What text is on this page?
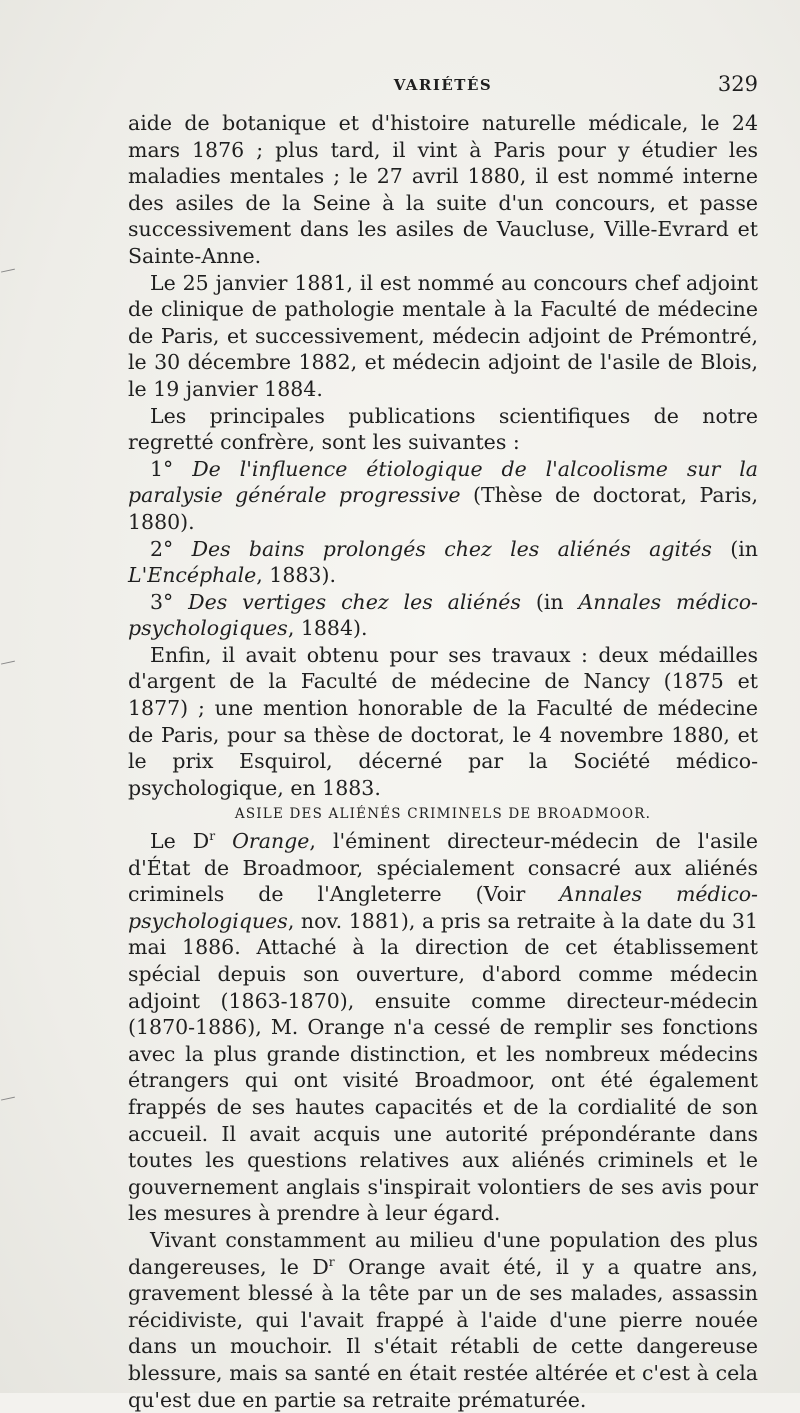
VARIÉTÉS	329

aide de botanique et d'histoire naturelle médicale, le 24 mars 1876 ; plus tard, il vint à Paris pour y étudier les maladies mentales ; le 27 avril 1880, il est nommé interne des asiles de la Seine à la suite d'un concours, et passe successivement dans les asiles de Vaucluse, Ville-Evrard et Sainte-Anne.

Le 25 janvier 1881, il est nommé au concours chef adjoint de clinique de pathologie mentale à la Faculté de médecine de Paris, et successivement, médecin adjoint de Prémontré, le 30 décembre 1882, et médecin adjoint de l'asile de Blois, le 19 janvier 1884.

Les principales publications scientifiques de notre regretté confrère, sont les suivantes :

1° De l'influence étiologique de l'alcoolisme sur la paralysie générale progressive (Thèse de doctorat, Paris, 1880).

2° Des bains prolongés chez les aliénés agités (in L'Encéphale, 1883).

3° Des vertiges chez les aliénés (in Annales médico-psychologiques, 1884).

Enfin, il avait obtenu pour ses travaux : deux médailles d'argent de la Faculté de médecine de Nancy (1875 et 1877) ; une mention honorable de la Faculté de médecine de Paris, pour sa thèse de doctorat, le 4 novembre 1880, et le prix Esquirol, décerné par la Société médico-psychologique, en 1883.

ASILE DES ALIÉNÉS CRIMINELS DE BROADMOOR.

Le $D^r$ Orange, l'éminent directeur-médecin de l'asile d'État de Broadmoor, spécialement consacré aux aliénés criminels de l'Angleterre (Voir Annales médico-psychologiques, nov. 1881), a pris sa retraite à la date du 31 mai 1886. Attaché à la direction de cet établissement spécial depuis son ouverture, d'abord comme médecin adjoint (1863-1870), ensuite comme directeur-médecin (1870-1886), M. Orange n'a cessé de remplir ses fonctions avec la plus grande distinction, et les nombreux médecins étrangers qui ont visité Broadmoor, ont été également frappés de ses hautes capacités et de la cordialité de son accueil. Il avait acquis une autorité prépondérante dans toutes les questions relatives aux aliénés criminels et le gouvernement anglais s'inspirait volontiers de ses avis pour les mesures à prendre à leur égard.

Vivant constamment au milieu d'une population des plus dangereuses, le $D^r$ Orange avait été, il y a quatre ans, gravement blessé à la tête par un de ses malades, assassin récidiviste, qui l'avait frappé à l'aide d'une pierre nouée dans un mouchoir. Il s'était rétabli de cette dangereuse blessure, mais sa santé en était restée altérée et c'est à cela qu'est due en partie sa retraite prématurée.
